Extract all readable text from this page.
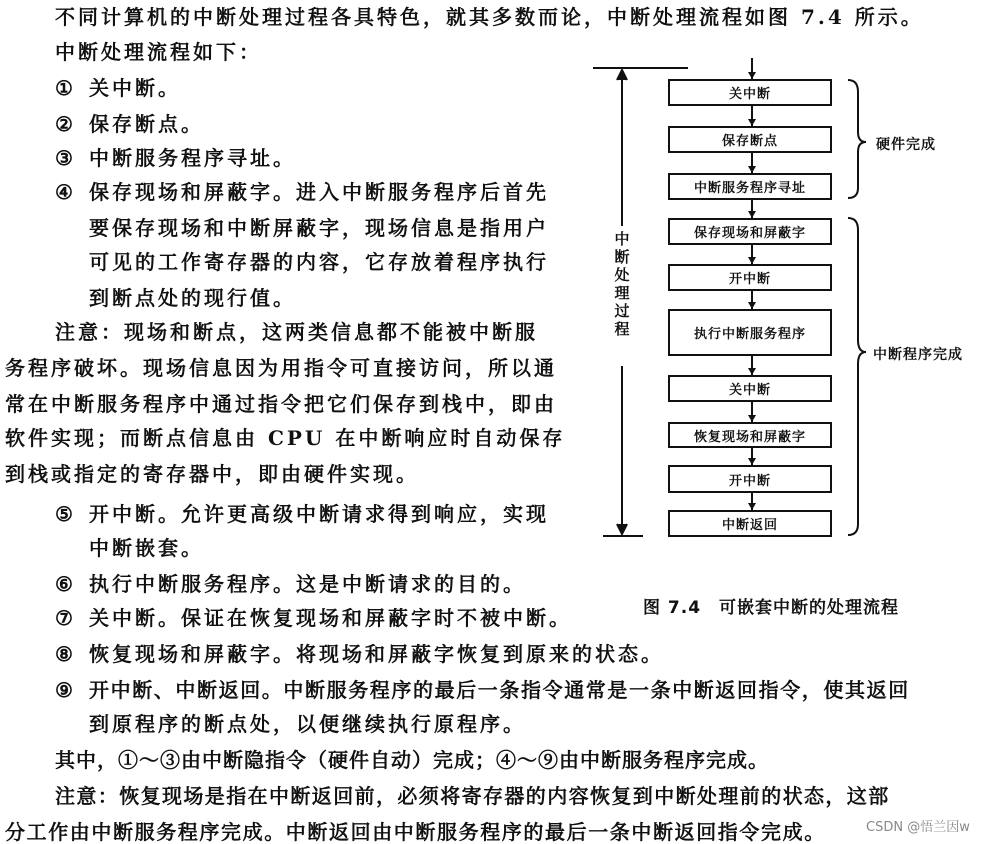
不同计算机的中断处理过程各具特色，就其多数而论，中断处理流程如图 7.4 所示。
中断处理流程如下：
① 关中断。
② 保存断点。
③ 中断服务程序寻址。
④ 保存现场和屏蔽字。进入中断服务程序后首先
要保存现场和中断屏蔽字，现场信息是指用户
可见的工作寄存器的内容，它存放着程序执行
到断点处的现行值。
注意：现场和断点，这两类信息都不能被中断服
务程序破坏。现场信息因为用指令可直接访问，所以通
常在中断服务程序中通过指令把它们保存到栈中，即由
软件实现；而断点信息由 CPU 在中断响应时自动保存
到栈或指定的寄存器中，即由硬件实现。
⑤ 开中断。允许更高级中断请求得到响应，实现
中断嵌套。
⑥ 执行中断服务程序。这是中断请求的目的。
⑦ 关中断。保证在恢复现场和屏蔽字时不被中断。
⑧ 恢复现场和屏蔽字。将现场和屏蔽字恢复到原来的状态。
⑨ 开中断、中断返回。中断服务程序的最后一条指令通常是一条中断返回指令，使其返回
到原程序的断点处，以便继续执行原程序。
其中，①～③由中断隐指令（硬件自动）完成；④～⑨由中断服务程序完成。
注意：恢复现场是指在中断返回前，必须将寄存器的内容恢复到中断处理前的状态，这部
分工作由中断服务程序完成。中断返回由中断服务程序的最后一条中断返回指令完成。
关中断
保存断点
中断服务程序寻址
保存现场和屏蔽字
开中断
执行中断服务程序
关中断
恢复现场和屏蔽字
开中断
中断返回
硬件完成
中断程序完成
中断处理过程
图 7.4　可嵌套中断的处理流程
CSDN @悟兰因w
